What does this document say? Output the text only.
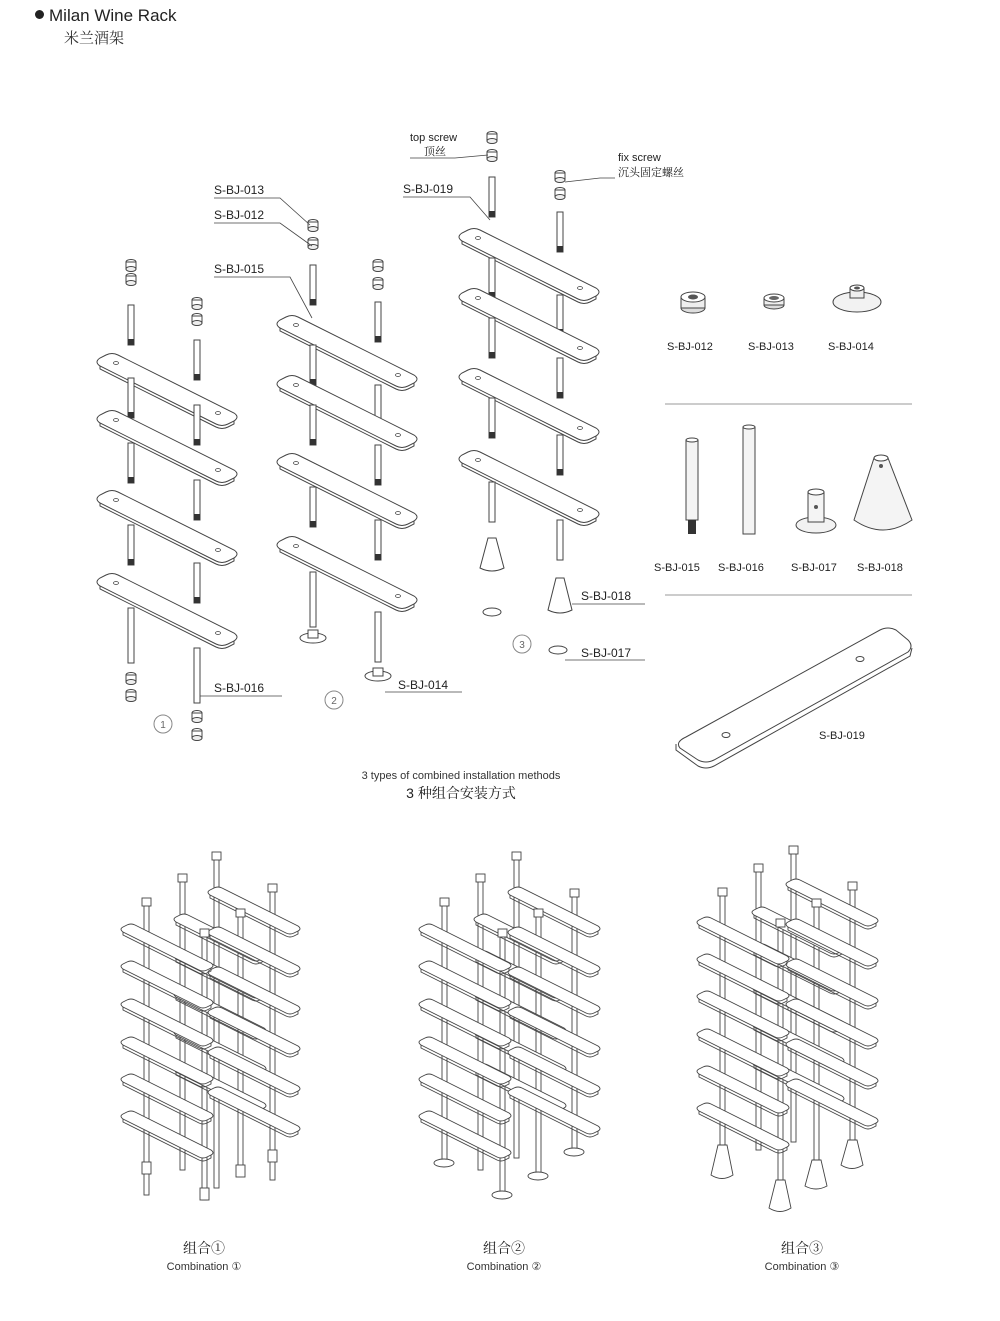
Milan Wine Rack
米兰酒架
S-BJ-013
S-BJ-012
S-BJ-015
S-BJ-019
top screw
顶丝	fix screw
沉头固定螺丝
S-BJ-016	S-BJ-014
S-BJ-018
S-BJ-017
1
2
3
S-BJ-012	S-BJ-013	S-BJ-014
S-BJ-015 S-BJ-016 S-BJ-017 S-BJ-018
S-BJ-019
3 types of combined installation methods
3 种组合安装方式
组合①
Combination ①
组合②
Combination ②
组合③
Combination ③
